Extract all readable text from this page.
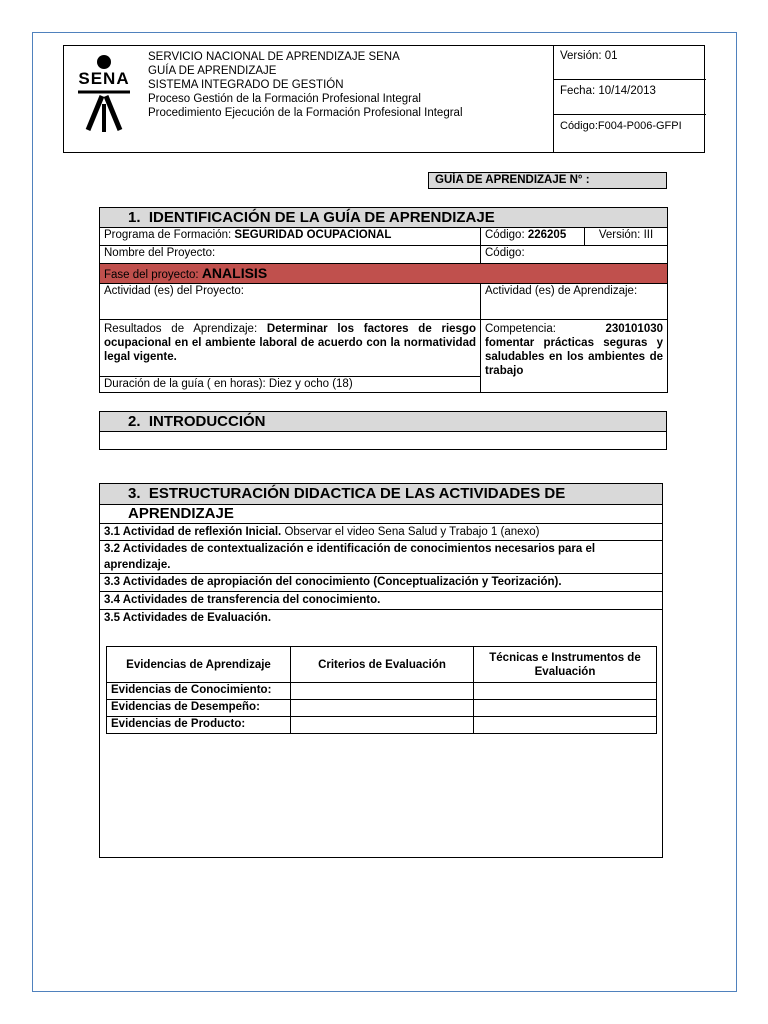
SENA
SERVICIO NACIONAL DE APRENDIZAJE SENA
GUÍA DE APRENDIZAJE
SISTEMA INTEGRADO DE GESTIÓN
Proceso Gestión de la Formación Profesional Integral
Procedimiento Ejecución de la Formación Profesional Integral
Versión: 01
Fecha: 10/14/2013
Código:F004-P006-GFPI
GUÍA DE APRENDIZAJE N° :
1. IDENTIFICACIÓN DE LA GUÍA DE APRENDIZAJE		
Programa de Formación: SEGURIDAD OCUPACIONAL	Código: 226205	Versión: III
Nombre del Proyecto:	Código:	
Fase del proyecto: ANALISIS		
Actividad (es) del Proyecto:	Actividad (es) de Aprendizaje:	
Resultados de Aprendizaje: Determinar los factores de riesgo ocupacional en el ambiente laboral de acuerdo con la normatividad legal vigente.	Competencia: 230101030
fomentar prácticas seguras y saludables en los ambientes de trabajo	

Duración de la guía ( en horas): Diez y ocho (18)		
2. INTRODUCCIÓN

3. ESTRUCTURACIÓN DIDACTICA DE LAS ACTIVIDADES DE APRENDIZAJE
3.1 Actividad de reflexión Inicial. Observar el video Sena Salud y Trabajo 1 (anexo)
3.2 Actividades de contextualización e identificación de conocimientos necesarios para el aprendizaje.
3.3 Actividades de apropiación del conocimiento (Conceptualización y Teorización).
3.4 Actividades de transferencia del conocimiento.
3.5 Actividades de Evaluación.
Evidencias de Aprendizaje	Criterios de Evaluación	Técnicas e Instrumentos de Evaluación
Evidencias de Conocimiento:		
Evidencias de Desempeño:		
Evidencias de Producto:		
